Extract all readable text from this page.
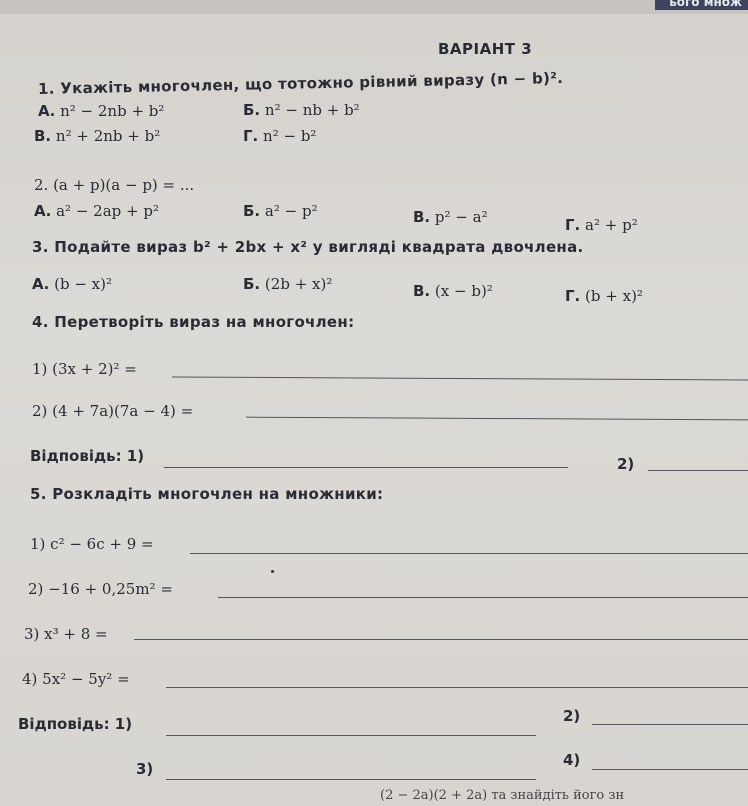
ього множ
ВАРІАНТ 3
1. Укажіть многочлен, що тотожно рівний виразу (n − b)².
А. n² − 2nb + b²	Б. n² − nb + b²
В. n² + 2nb + b²	Г. n² − b²
2. (a + p)(a − p) = ...
А. a² − 2ap + p²	Б. a² − p²	В. p² − a²	Г. a² + p²
3. Подайте вираз b² + 2bx + x² у вигляді квадрата двочлена.
А. (b − x)²	Б. (2b + x)²	В. (x − b)²	Г. (b + x)²
4. Перетворіть вираз на многочлен:
1) (3x + 2)² =
2) (4 + 7a)(7a − 4) =
Відповідь: 1)	2)
5. Розкладіть многочлен на множники:
1) c² − 6c + 9 =
2) −16 + 0,25m² =
3) x³ + 8 =
4) 5x² − 5y² =
Відповідь: 1)	2)
3)	4)
(2 − 2a)(2 + 2a) та знайдіть його зн
